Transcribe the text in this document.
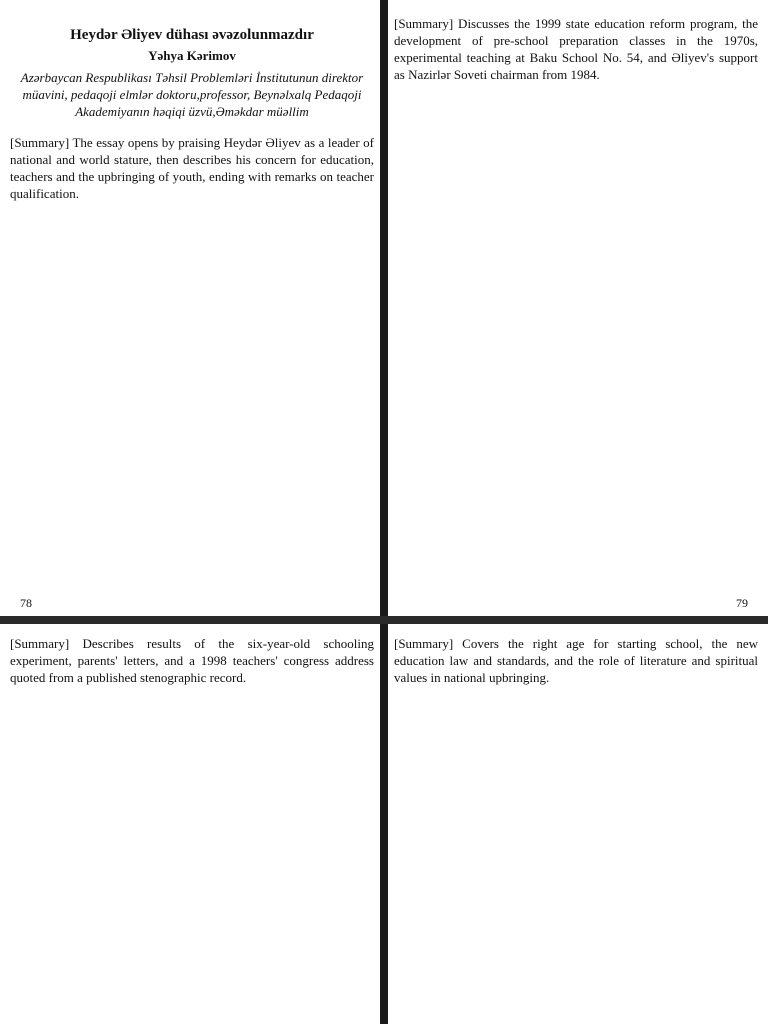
Heydər Əliyev dühası əvəzolunmazdır
Yəhya Kərimov
Azərbaycan Respublikası Təhsil Problemləri İnstitutunun direktor müavini, pedaqoji elmlər doktoru,professor, Beynəlxalq Pedaqoji Akademiyanın həqiqi üzvü,Əməkdar müəllim

[Summary] The essay opens by praising Heydər Əliyev as a leader of national and world stature, then describes his concern for education, teachers and the upbringing of youth, ending with remarks on teacher qualification.

78

[Summary] Discusses the 1999 state education reform program, the development of pre-school preparation classes in the 1970s, experimental teaching at Baku School No. 54, and Əliyev's support as Nazirlər Soveti chairman from 1984.

79

[Summary] Describes results of the six-year-old schooling experiment, parents' letters, and a 1998 teachers' congress address quoted from a published stenographic record.

[Summary] Covers the right age for starting school, the new education law and standards, and the role of literature and spiritual values in national upbringing.
